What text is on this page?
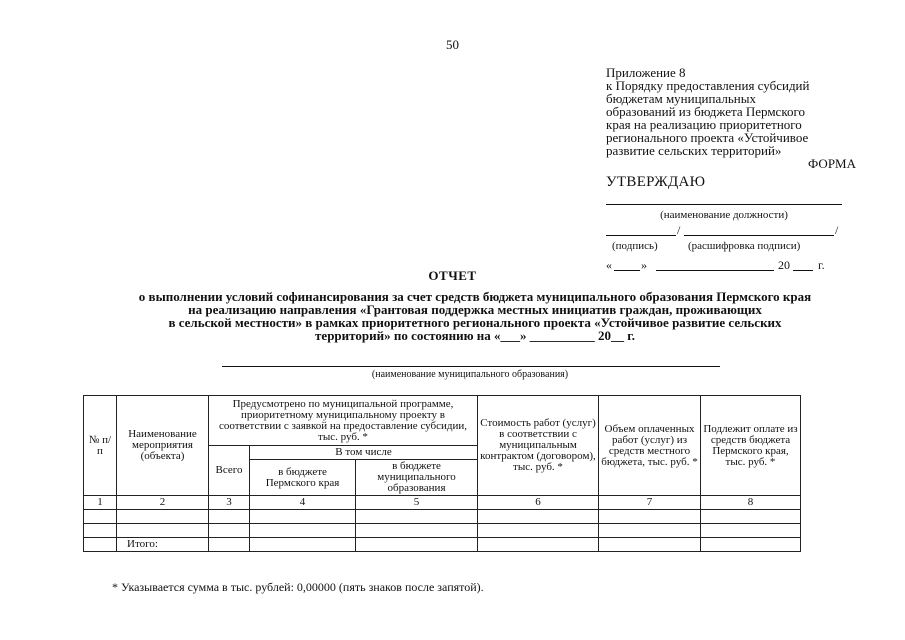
50
Приложение 8
к Порядку предоставления субсидий
бюджетам муниципальных
образований из бюджета Пермского
края на реализацию приоритетного
регионального проекта «Устойчивое
развитие сельских территорий»
ФОРМА
УТВЕРЖДАЮ
(наименование должности)
/	/
(подпись)	(расшифровка подписи)
« »	20 г.
ОТЧЕТ
о выполнении условий софинансирования за счет средств бюджета муниципального образования Пермского края
на реализацию направления «Грантовая поддержка местных инициатив граждан, проживающих
в сельской местности» в рамках приоритетного регионального проекта «Устойчивое развитие сельских
территорий» по состоянию на «___» __________ 20__ г.
(наименование муниципального образования)
№ п/п	Наименование мероприятия (объекта)	Предусмотрено по муниципальной программе, приоритетному муниципальному проекту в соответствии с заявкой на предоставление субсидии, тыс. руб. *			Стоимость работ (услуг) в соответствии с муниципальным контрактом (договором), тыс. руб. *	Объем оплаченных работ (услуг) из средств местного бюджета, тыс. руб. *	Подлежит оплате из средств бюджета Пермского края, тыс. руб. *
		Всего	В том числе				
			в бюджете Пермского края	в бюджете муниципального образования			
1	2	3	4	5	6	7	8

	Итого:						
* Указывается сумма в тыс. рублей: 0,00000 (пять знаков после запятой).
